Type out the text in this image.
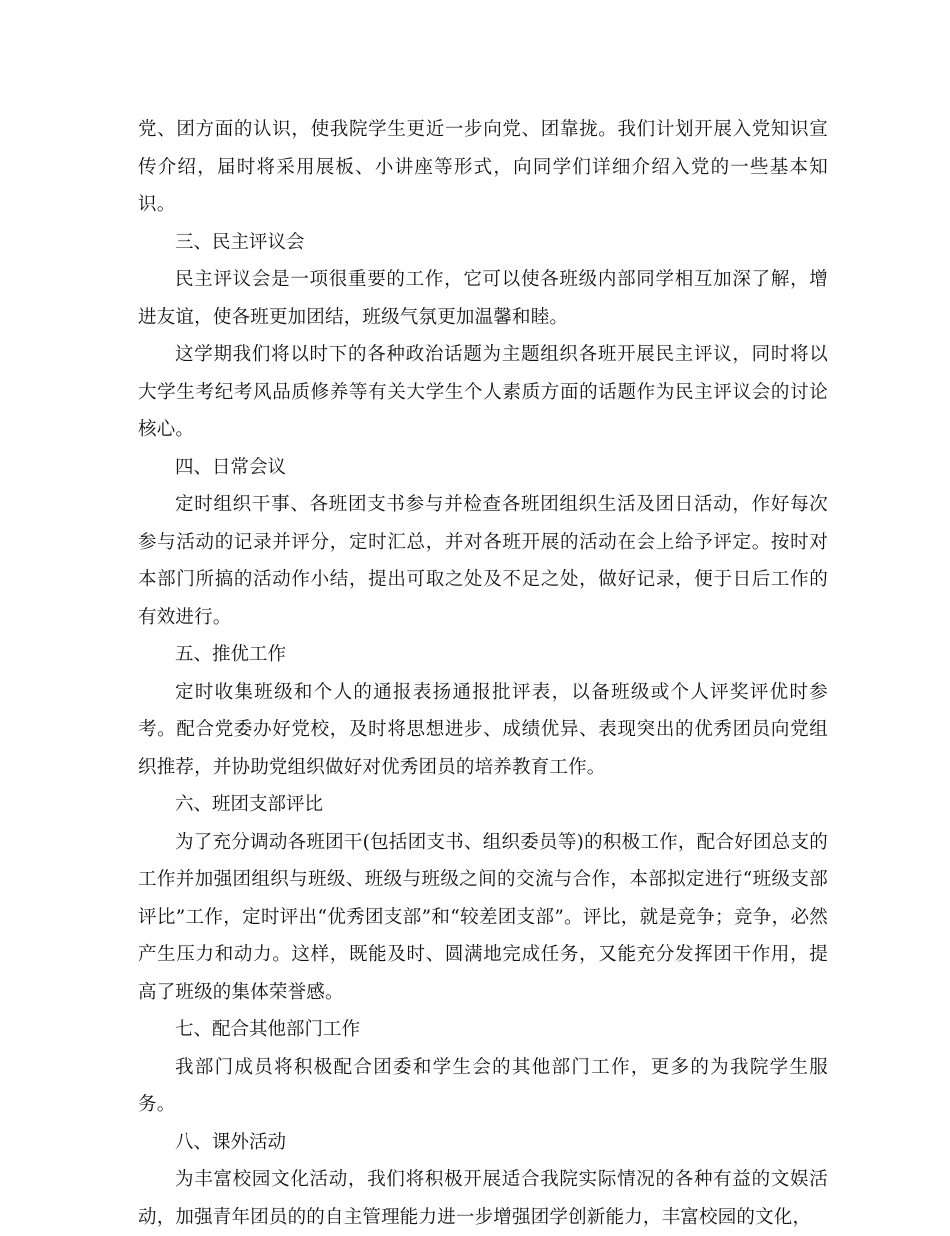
党、团方面的认识，使我院学生更近一步向党、团靠拢。我们计划开展入党知识宣传介绍，届时将采用展板、小讲座等形式，向同学们详细介绍入党的一些基本知识。

三、民主评议会

民主评议会是一项很重要的工作，它可以使各班级内部同学相互加深了解，增进友谊，使各班更加团结，班级气氛更加温馨和睦。

这学期我们将以时下的各种政治话题为主题组织各班开展民主评议，同时将以大学生考纪考风品质修养等有关大学生个人素质方面的话题作为民主评议会的讨论核心。

四、日常会议

定时组织干事、各班团支书参与并检查各班团组织生活及团日活动，作好每次参与活动的记录并评分，定时汇总，并对各班开展的活动在会上给予评定。按时对本部门所搞的活动作小结，提出可取之处及不足之处，做好记录，便于日后工作的有效进行。

五、推优工作

定时收集班级和个人的通报表扬通报批评表，以备班级或个人评奖评优时参考。配合党委办好党校，及时将思想进步、成绩优异、表现突出的优秀团员向党组织推荐，并协助党组织做好对优秀团员的培养教育工作。

六、班团支部评比

为了充分调动各班团干(包括团支书、组织委员等)的积极工作，配合好团总支的工作并加强团组织与班级、班级与班级之间的交流与合作，本部拟定进行“班级支部评比”工作，定时评出“优秀团支部”和“较差团支部”。评比，就是竞争；竞争，必然产生压力和动力。这样，既能及时、圆满地完成任务，又能充分发挥团干作用，提高了班级的集体荣誉感。

七、配合其他部门工作

我部门成员将积极配合团委和学生会的其他部门工作，更多的为我院学生服务。

八、课外活动

为丰富校园文化活动，我们将积极开展适合我院实际情况的各种有益的文娱活动，加强青年团员的的自主管理能力进一步增强团学创新能力，丰富校园的文化，
